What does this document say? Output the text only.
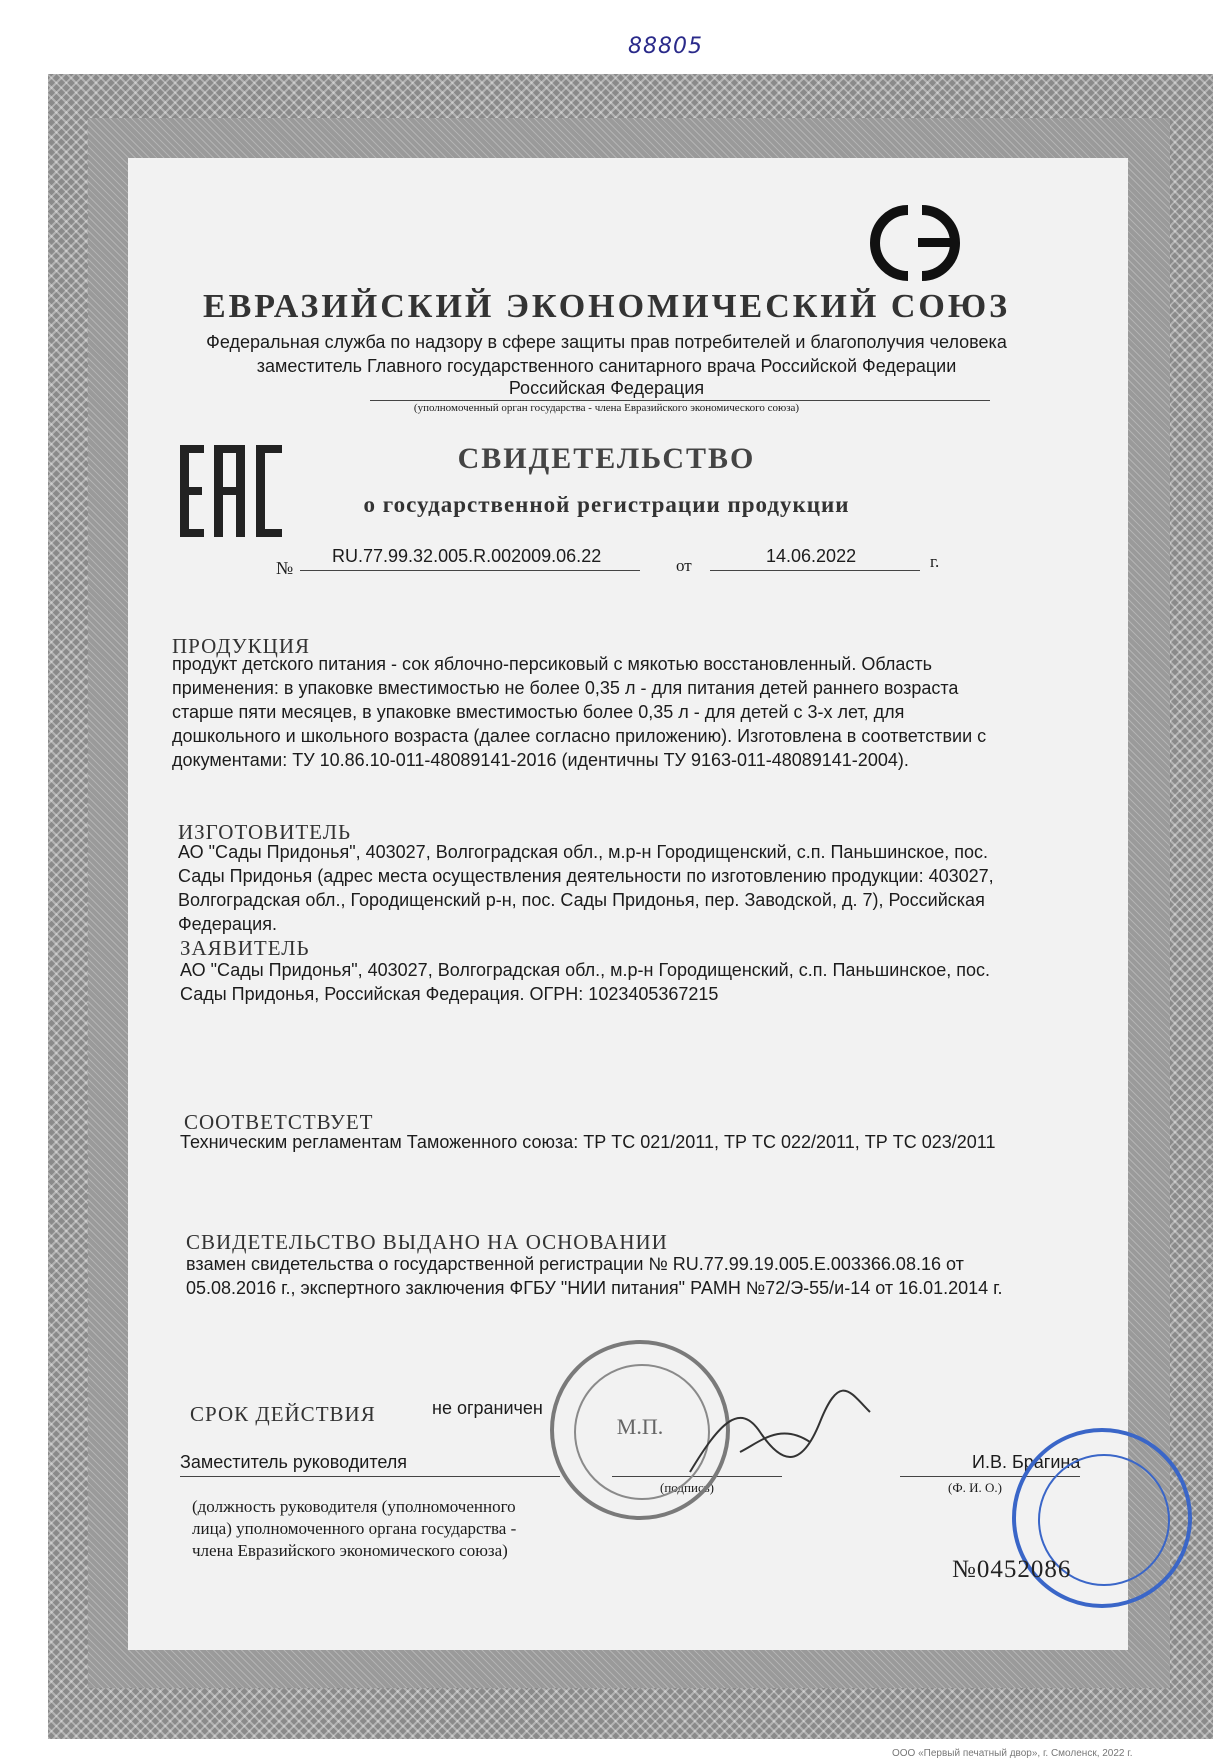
88805
ЕВРАЗИЙСКИЙ ЭКОНОМИЧЕСКИЙ СОЮЗ
Федеральная служба по надзору в сфере защиты прав потребителей и благополучия человека
заместитель Главного государственного санитарного врача Российской Федерации
Российская Федерация
(уполномоченный орган государства - члена Евразийского экономического союза)
СВИДЕТЕЛЬСТВО
о государственной регистрации продукции
№
RU.77.99.32.005.R.002009.06.22	от	14.06.2022	г.
ПРОДУКЦИЯ
продукт детского питания - сок яблочно-персиковый с мякотью восстановленный. Область
применения: в упаковке вместимостью не более 0,35 л - для питания детей раннего возраста
старше пяти месяцев, в упаковке вместимостью более 0,35 л - для детей с 3-х лет, для
дошкольного и школьного возраста (далее согласно приложению). Изготовлена в соответствии с
документами: ТУ 10.86.10-011-48089141-2016 (идентичны ТУ 9163-011-48089141-2004).
ИЗГОТОВИТЕЛЬ
АО "Сады Придонья", 403027, Волгоградская обл., м.р-н Городищенский, с.п. Паньшинское, пос.
Сады Придонья (адрес места осуществления деятельности по изготовлению продукции: 403027,
Волгоградская обл., Городищенский р-н, пос. Сады Придонья, пер. Заводской, д. 7), Российская
Федерация.
ЗАЯВИТЕЛЬ
АО "Сады Придонья", 403027, Волгоградская обл., м.р-н Городищенский, с.п. Паньшинское, пос.
Сады Придонья, Российская Федерация. ОГРН: 1023405367215
СООТВЕТСТВУЕТ
Техническим регламентам Таможенного союза: ТР ТС 021/2011, ТР ТС 022/2011, ТР ТС 023/2011
СВИДЕТЕЛЬСТВО ВЫДАНО НА ОСНОВАНИИ
взамен свидетельства о государственной регистрации № RU.77.99.19.005.Е.003366.08.16 от
05.08.2016 г., экспертного заключения ФГБУ "НИИ питания" РАМН №72/Э-55/и-14 от 16.01.2014 г.
СРОК ДЕЙСТВИЯ	не ограничен
Заместитель руководителя	И.В. Брагина
(подпись)	(Ф. И. О.)
(должность руководителя (уполномоченного
лица) уполномоченного органа государства -
члена Евразийского экономического союза)
М.П.
№0452086
ООО «Первый печатный двор», г. Смоленск, 2022 г.
